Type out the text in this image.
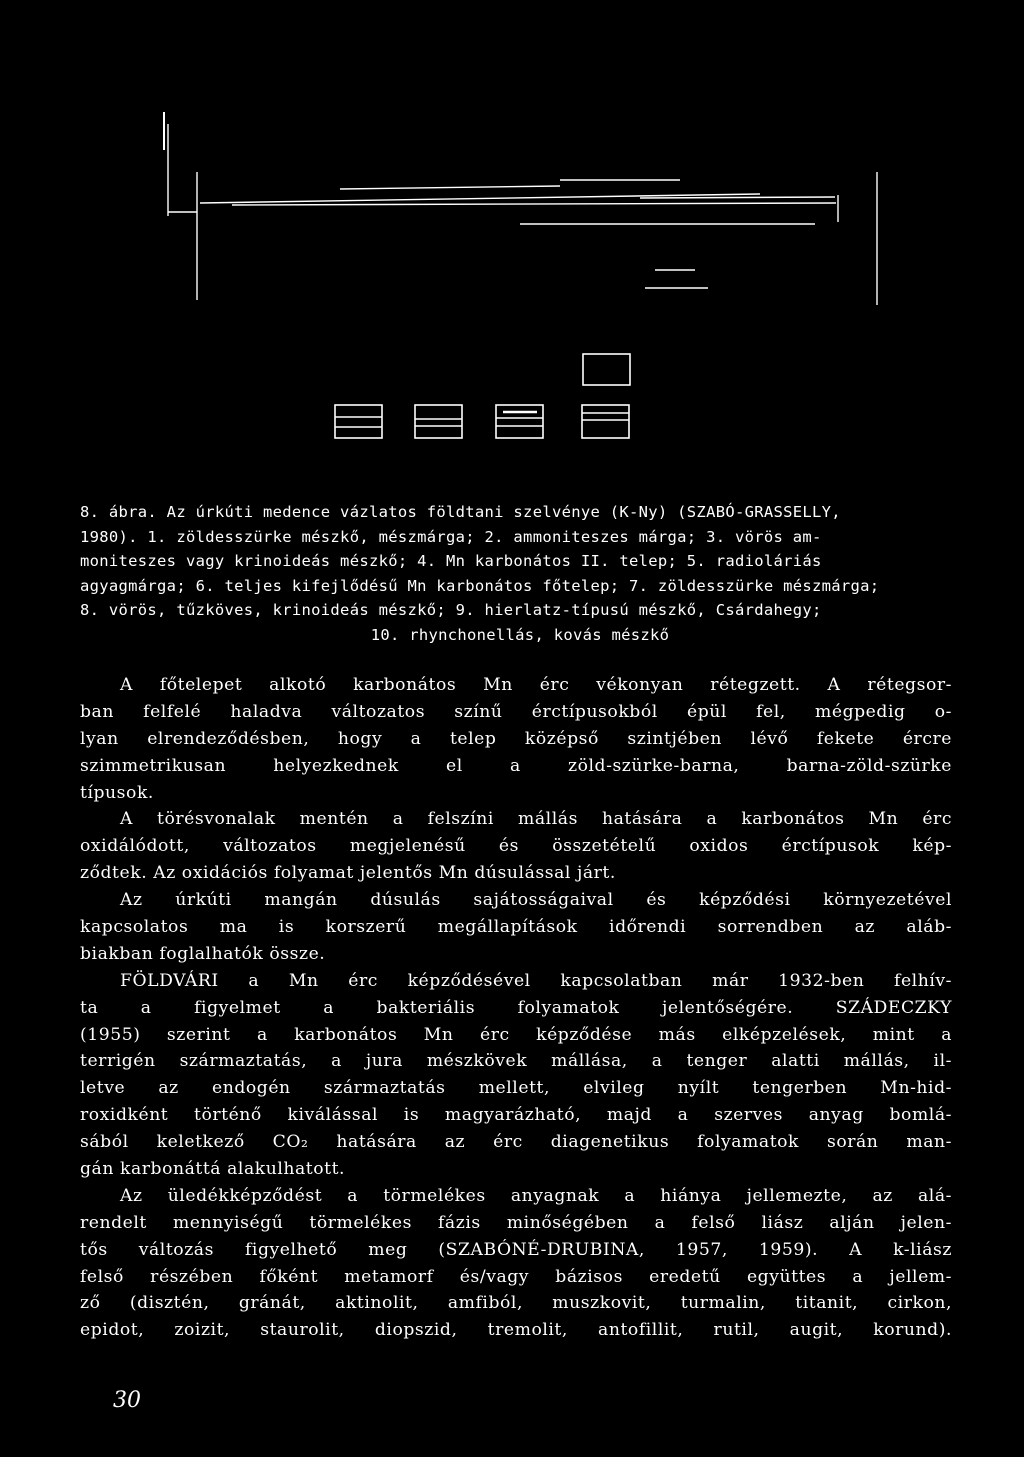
8. ábra. Az úrkúti medence vázlatos földtani szelvénye (K-Ny) (SZABÓ-GRASSELLY,
1980). 1. zöldesszürke mészkő, mészmárga; 2. ammoniteszes márga; 3. vörös am-
moniteszes vagy krinoideás mészkő; 4. Mn karbonátos II. telep; 5. radioláriás
agyagmárga; 6. teljes kifejlődésű Mn karbonátos főtelep; 7. zöldesszürke mészmárga;
8. vörös, tűzköves, krinoideás mészkő; 9. hierlatz-típusú mészkő, Csárdahegy;
10. rhynchonellás, kovás mészkő
A főtelepet alkotó karbonátos Mn érc vékonyan rétegzett. A rétegsor-
ban felfelé haladva változatos színű érctípusokból épül fel, mégpedig o-
lyan elrendeződésben, hogy a telep középső szintjében lévő fekete ércre
szimmetrikusan helyezkednek el a zöld-szürke-barna, barna-zöld-szürke
típusok.
A törésvonalak mentén a felszíni mállás hatására a karbonátos Mn érc
oxidálódott, változatos megjelenésű és összetételű oxidos érctípusok kép-
ződtek. Az oxidációs folyamat jelentős Mn dúsulással járt.
Az úrkúti mangán dúsulás sajátosságaival és képződési környezetével
kapcsolatos ma is korszerű megállapítások időrendi sorrendben az aláb-
biakban foglalhatók össze.
FÖLDVÁRI a Mn érc képződésével kapcsolatban már 1932-ben felhív-
ta a figyelmet a bakteriális folyamatok jelentőségére. SZÁDECZKY
(1955) szerint a karbonátos Mn érc képződése más elképzelések, mint a
terrigén származtatás, a jura mészkövek mállása, a tenger alatti mállás, il-
letve az endogén származtatás mellett, elvileg nyílt tengerben Mn-hid-
roxidként történő kiválással is magyarázható, majd a szerves anyag bomlá-
sából keletkező CO₂ hatására az érc diagenetikus folyamatok során man-
gán karbonáttá alakulhatott.
Az üledékképződést a törmelékes anyagnak a hiánya jellemezte, az alá-
rendelt mennyiségű törmelékes fázis minőségében a felső liász alján jelen-
tős változás figyelhető meg (SZABÓNÉ-DRUBINA, 1957, 1959). A k-liász
felső részében főként metamorf és/vagy bázisos eredetű együttes a jellem-
ző (disztén, gránát, aktinolit, amfiból, muszkovit, turmalin, titanit, cirkon,
epidot, zoizit, staurolit, diopszid, tremolit, antofillit, rutil, augit, korund).
30
